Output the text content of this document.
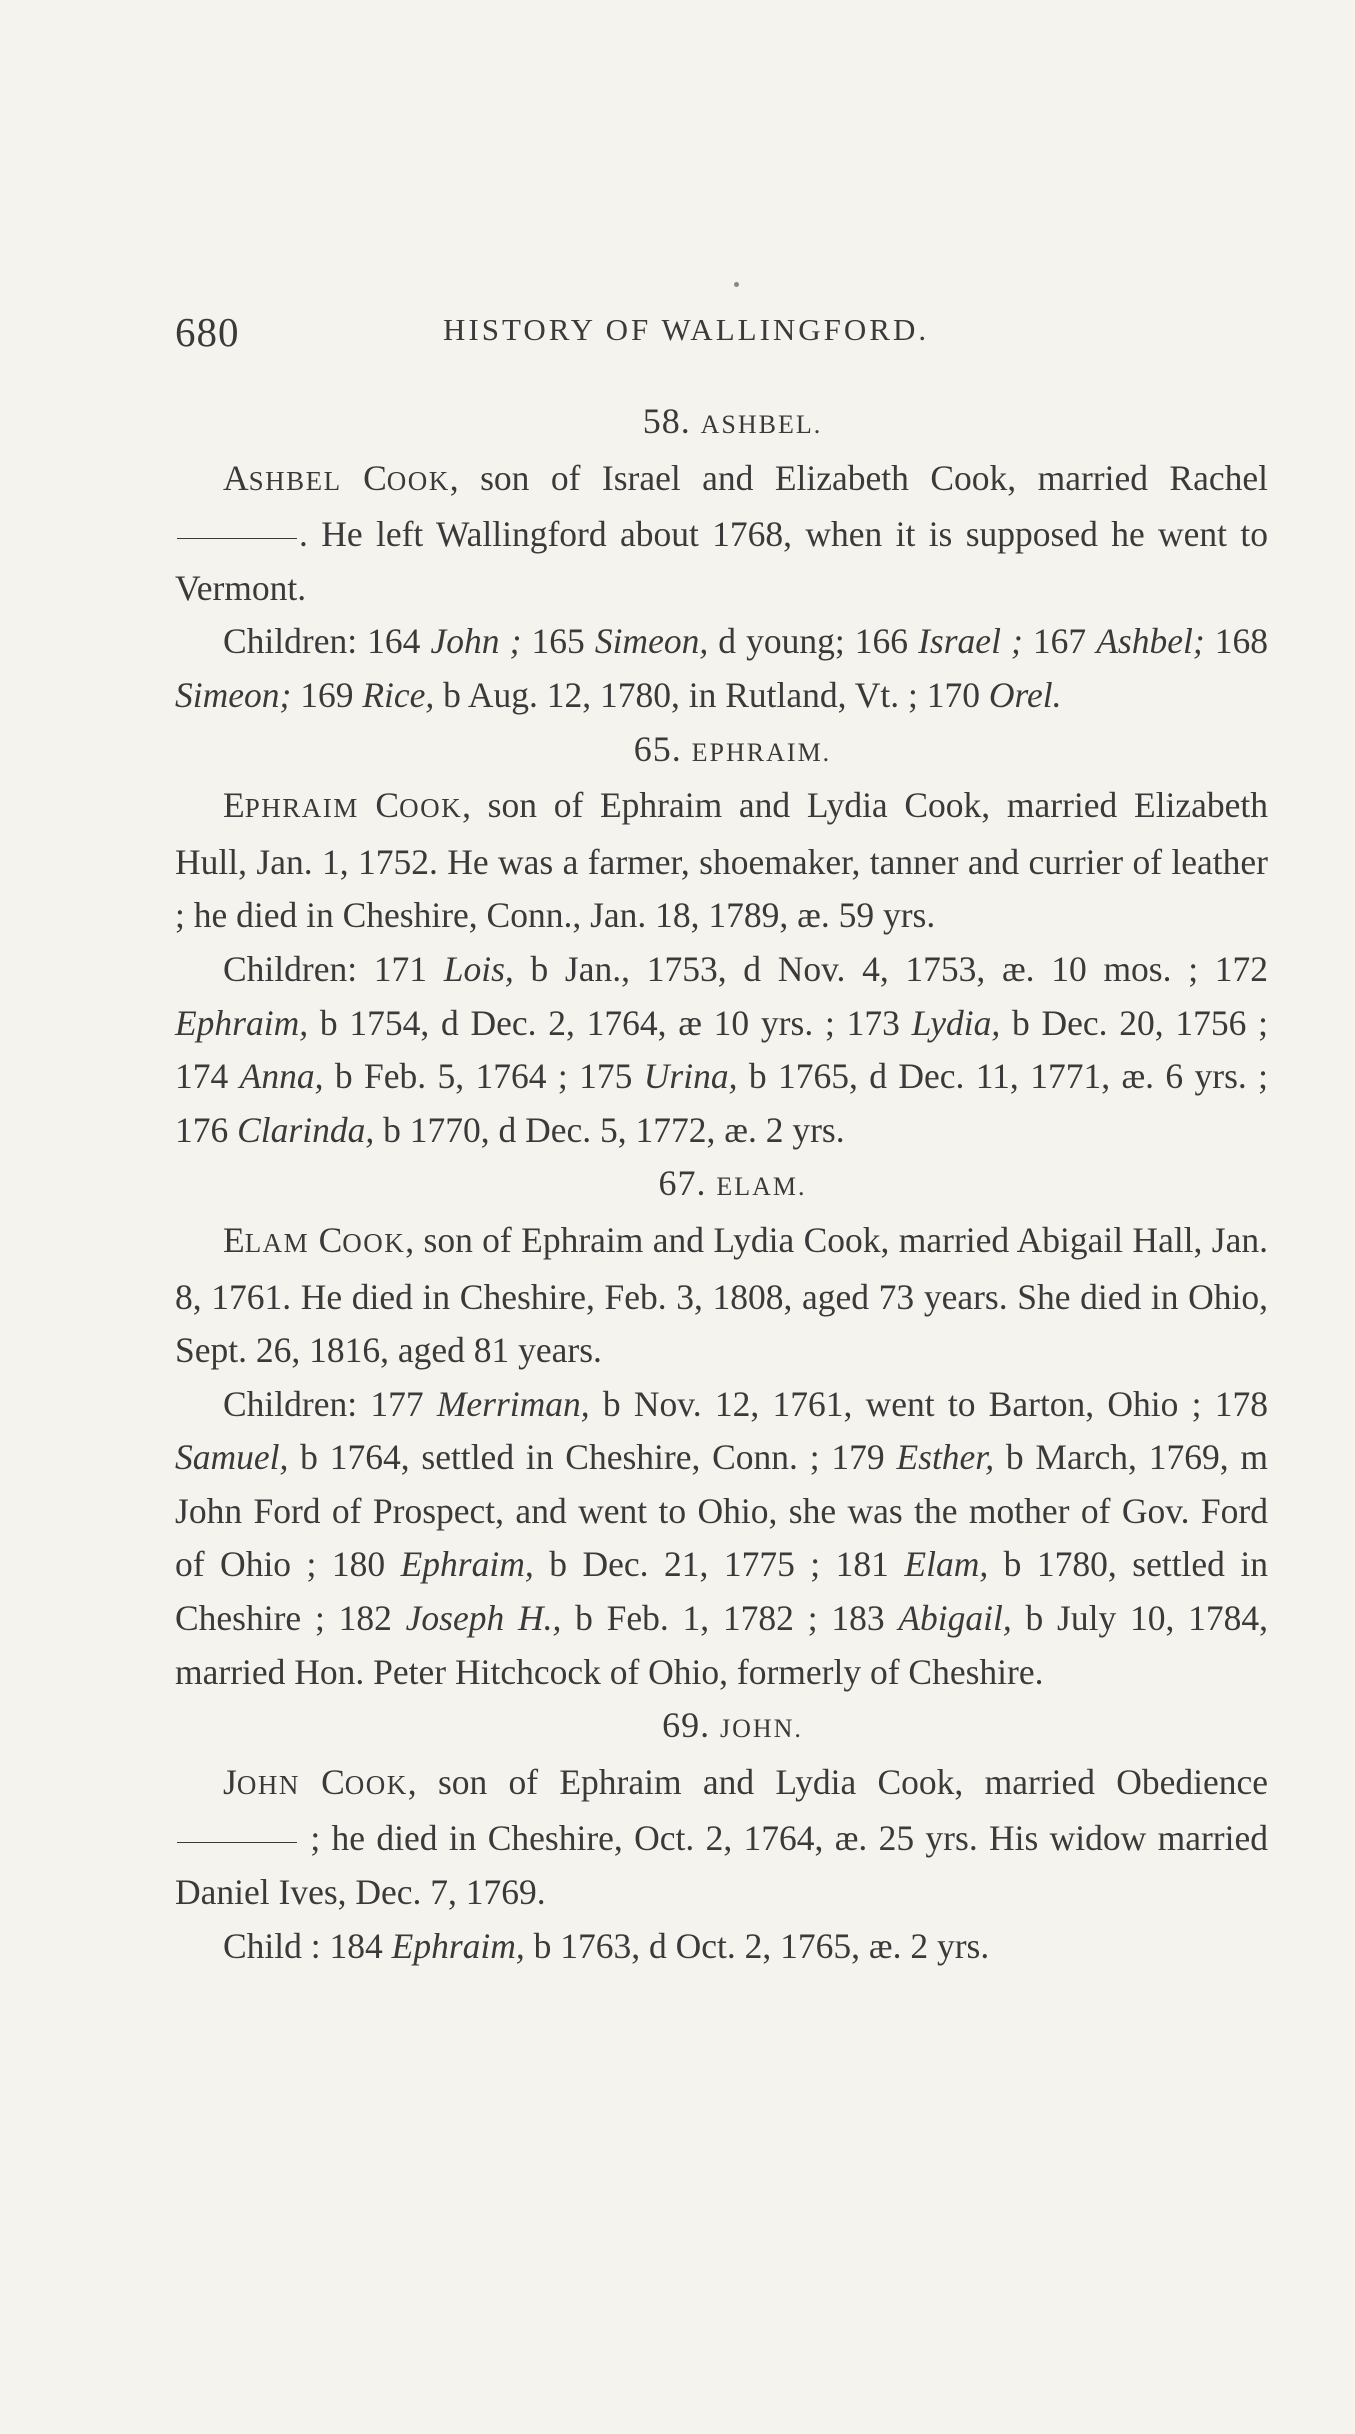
680	HISTORY OF WALLINGFORD.

58. ASHBEL.

ASHBEL COOK, son of Israel and Elizabeth Cook, married Rachel. He left Wallingford about 1768, when it is supposed he went to Vermont.

Children: 164 John ; 165 Simeon, d young; 166 Israel ; 167 Ashbel; 168 Simeon; 169 Rice, b Aug. 12, 1780, in Rutland, Vt. ; 170 Orel.

65. EPHRAIM.

EPHRAIM COOK, son of Ephraim and Lydia Cook, married Elizabeth Hull, Jan. 1, 1752. He was a farmer, shoemaker, tanner and currier of leather ; he died in Cheshire, Conn., Jan. 18, 1789, æ. 59 yrs.

Children: 171 Lois, b Jan., 1753, d Nov. 4, 1753, æ. 10 mos. ; 172 Ephraim, b 1754, d Dec. 2, 1764, æ 10 yrs. ; 173 Lydia, b Dec. 20, 1756 ; 174 Anna, b Feb. 5, 1764 ; 175 Urina, b 1765, d Dec. 11, 1771, æ. 6 yrs. ; 176 Clarinda, b 1770, d Dec. 5, 1772, æ. 2 yrs.

67. ELAM.

ELAM COOK, son of Ephraim and Lydia Cook, married Abigail Hall, Jan. 8, 1761. He died in Cheshire, Feb. 3, 1808, aged 73 years. She died in Ohio, Sept. 26, 1816, aged 81 years.

Children: 177 Merriman, b Nov. 12, 1761, went to Barton, Ohio ; 178 Samuel, b 1764, settled in Cheshire, Conn. ; 179 Esther, b March, 1769, m John Ford of Prospect, and went to Ohio, she was the mother of Gov. Ford of Ohio ; 180 Ephraim, b Dec. 21, 1775 ; 181 Elam, b 1780, settled in Cheshire ; 182 Joseph H., b Feb. 1, 1782 ; 183 Abigail, b July 10, 1784, married Hon. Peter Hitchcock of Ohio, formerly of Cheshire.

69. JOHN.

JOHN COOK, son of Ephraim and Lydia Cook, married Obedience ; he died in Cheshire, Oct. 2, 1764, æ. 25 yrs. His widow married Daniel Ives, Dec. 7, 1769.

Child : 184 Ephraim, b 1763, d Oct. 2, 1765, æ. 2 yrs.
